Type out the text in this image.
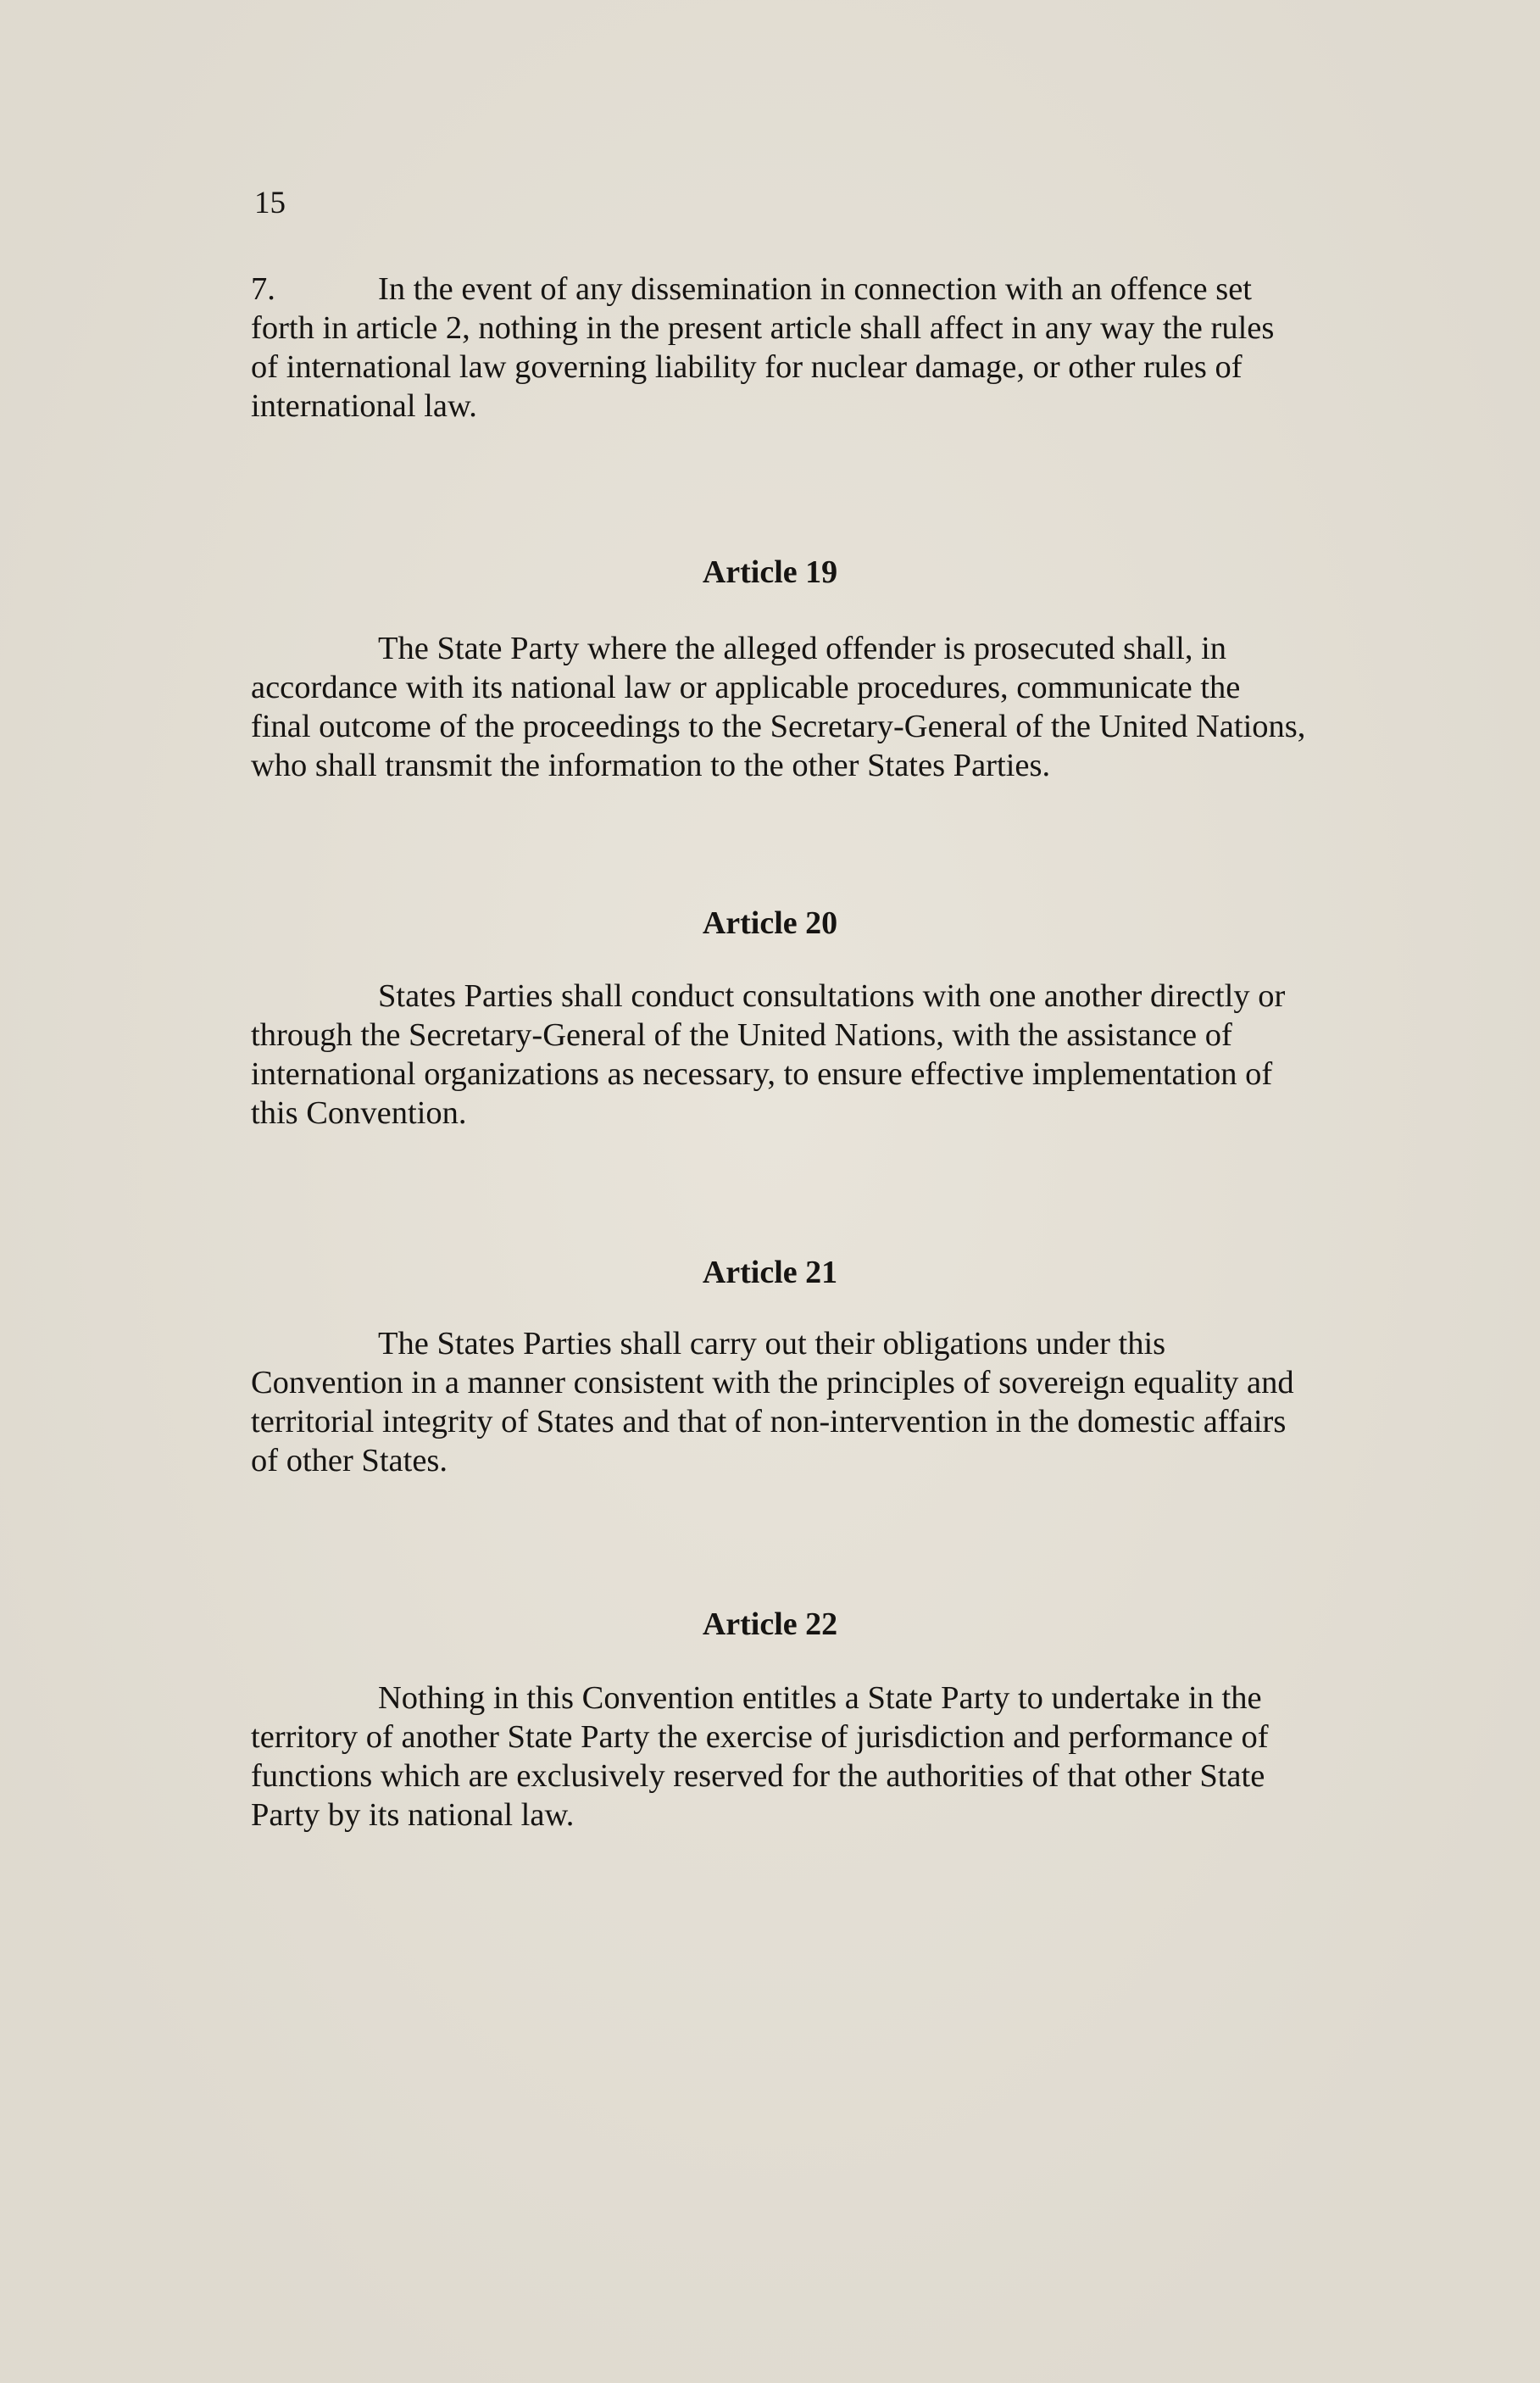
15
7.	In the event of any dissemination in connection with an offence set
forth in article 2, nothing in the present article shall affect in any way the rules
of international law governing liability for nuclear damage, or other rules of
international law.
Article 19
The State Party where the alleged offender is prosecuted shall, in
accordance with its national law or applicable procedures, communicate the
final outcome of the proceedings to the Secretary-General of the United Nations,
who shall transmit the information to the other States Parties.
Article 20
States Parties shall conduct consultations with one another directly or
through the Secretary-General of the United Nations, with the assistance of
international organizations as necessary, to ensure effective implementation of
this Convention.
Article 21
The States Parties shall carry out their obligations under this
Convention in a manner consistent with the principles of sovereign equality and
territorial integrity of States and that of non-intervention in the domestic affairs
of other States.
Article 22
Nothing in this Convention entitles a State Party to undertake in the
territory of another State Party the exercise of jurisdiction and performance of
functions which are exclusively reserved for the authorities of that other State
Party by its national law.
